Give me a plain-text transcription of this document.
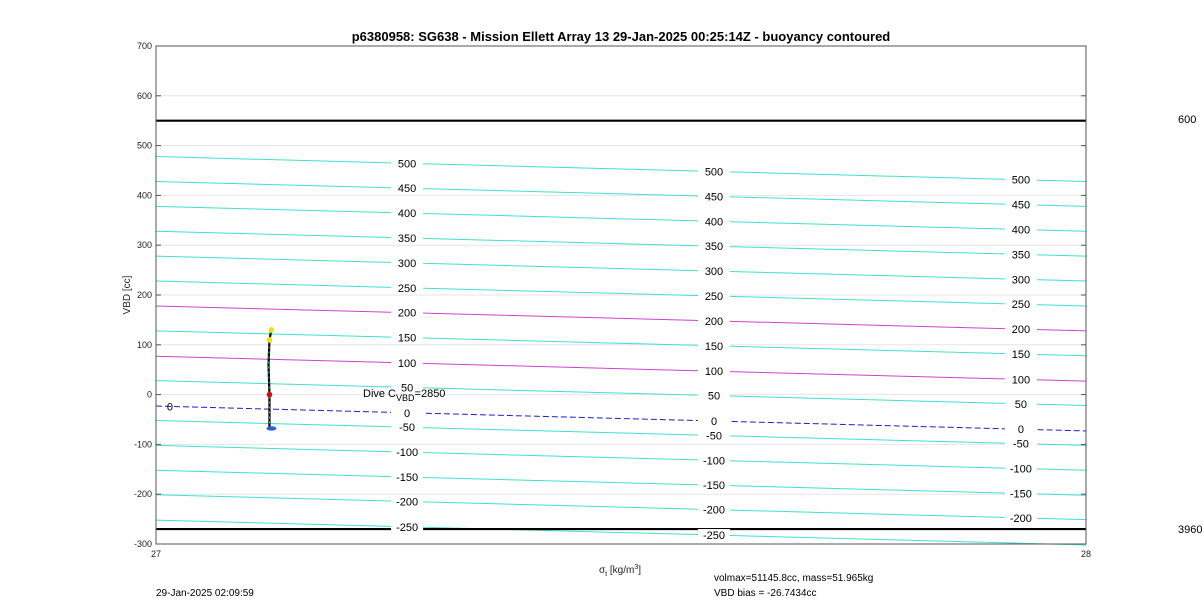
-250
-250
-200
-200
-200
-150
-150
-150
-100
-100
-100
-50
-50
-50
0
0
0
50
50
50
100
100
100
150
150
150
200
200
200
250
250
250
300
300
300
350
350
350
400
400
400
450
450
450
500
500
500
0
-300
-200
-100
0
100
200
300
400
500
600
700
27	28
p6380958: SG638 - Mission Ellett Array 13 29-Jan-2025 00:25:14Z - buoyancy contoured
VBD [cc]
$\sigma_t$ $[kg/m^3]$
Dive $C_{VBD}=2850$
600
3960
29-Jan-2025 02:09:59
volmax=51145.8cc, mass=51.965kg
VBD bias = -26.7434cc
